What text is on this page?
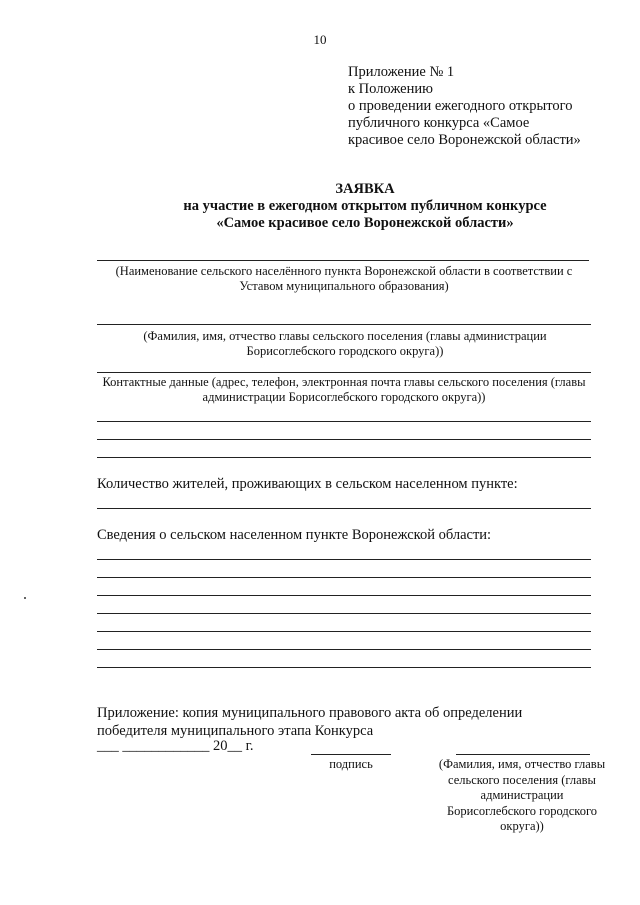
10
Приложение № 1
к Положению
о проведении ежегодного открытого
публичного конкурса «Самое
красивое село Воронежской области»
ЗАЯВКА
на участие в ежегодном открытом публичном конкурсе
«Самое красивое село Воронежской области»
(Наименование сельского населённого пункта Воронежской области в соответствии с Уставом муниципального образования)
(Фамилия, имя, отчество главы сельского поселения (главы администрации Борисоглебского городского округа))
Контактные данные (адрес, телефон, электронная почта главы сельского поселения (главы администрации Борисоглебского городского округа))
Количество жителей, проживающих в сельском населенном пункте:
Сведения о сельском населенном пункте Воронежской области:
Приложение: копия муниципального правового акта об определении
победителя муниципального этапа Конкурса
___ ____________ 20__ г.
подпись	(Фамилия, имя, отчество главы сельского поселения (главы администрации Борисоглебского городского округа))
